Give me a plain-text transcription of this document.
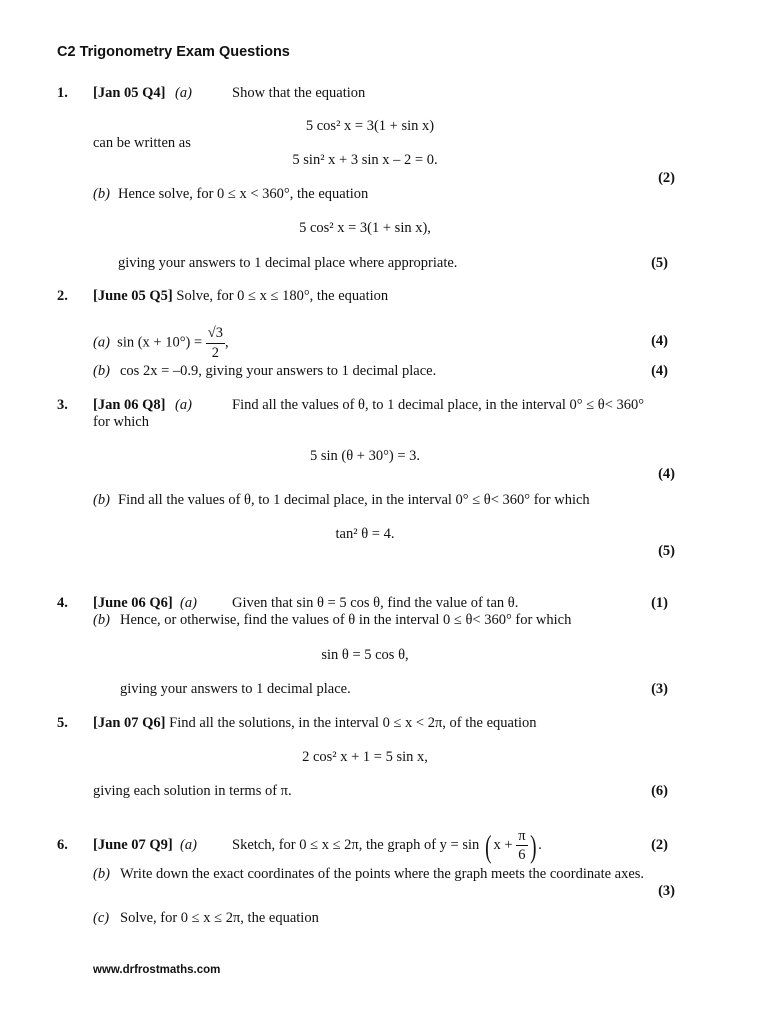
C2 Trigonometry Exam Questions
1. [Jan 05 Q4] (a)	Show that the equation
5 cos² x = 3(1 + sin x)
can be written as
5 sin² x + 3 sin x – 2 = 0.
(2)
(b) Hence solve, for 0 ≤ x < 360°, the equation
5 cos² x = 3(1 + sin x),
giving your answers to 1 decimal place where appropriate.	(5)
2. [June 05 Q5] Solve, for 0 ≤ x ≤ 180°, the equation
(a) $\sin (x + 10^\circ) = \frac{√3}{2}$ ,	(4)
(b) cos 2x = –0.9, giving your answers to 1 decimal place.	(4)
3. [Jan 06 Q8] (a)	Find all the values of θ, to 1 decimal place, in the interval 0° ≤ θ< 360°
for which
5 sin (θ + 30°) = 3.
(4)
(b) Find all the values of θ, to 1 decimal place, in the interval 0° ≤ θ< 360° for which
tan² θ = 4.
(5)
4. [June 06 Q6] (a) Given that sin θ = 5 cos θ, find the value of tan θ.	(1)
(b) Hence, or otherwise, find the values of θ in the interval 0 ≤ θ< 360° for which
sin θ = 5 cos θ,
giving your answers to 1 decimal place.	(3)
5. [Jan 07 Q6] Find all the solutions, in the interval 0 ≤ x < 2π, of the equation
2 cos² x + 1 = 5 sin x,
giving each solution in terms of π.	(6)
6. [June 07 Q9] (a) Sketch, for 0 ≤ x ≤ 2π, the graph of y = sin ( $x + \frac{\pi}{6}$ ) .	(2)
(b) Write down the exact coordinates of the points where the graph meets the coordinate axes.
(3)
(c) Solve, for 0 ≤ x ≤ 2π, the equation
www.drfrostmaths.com
